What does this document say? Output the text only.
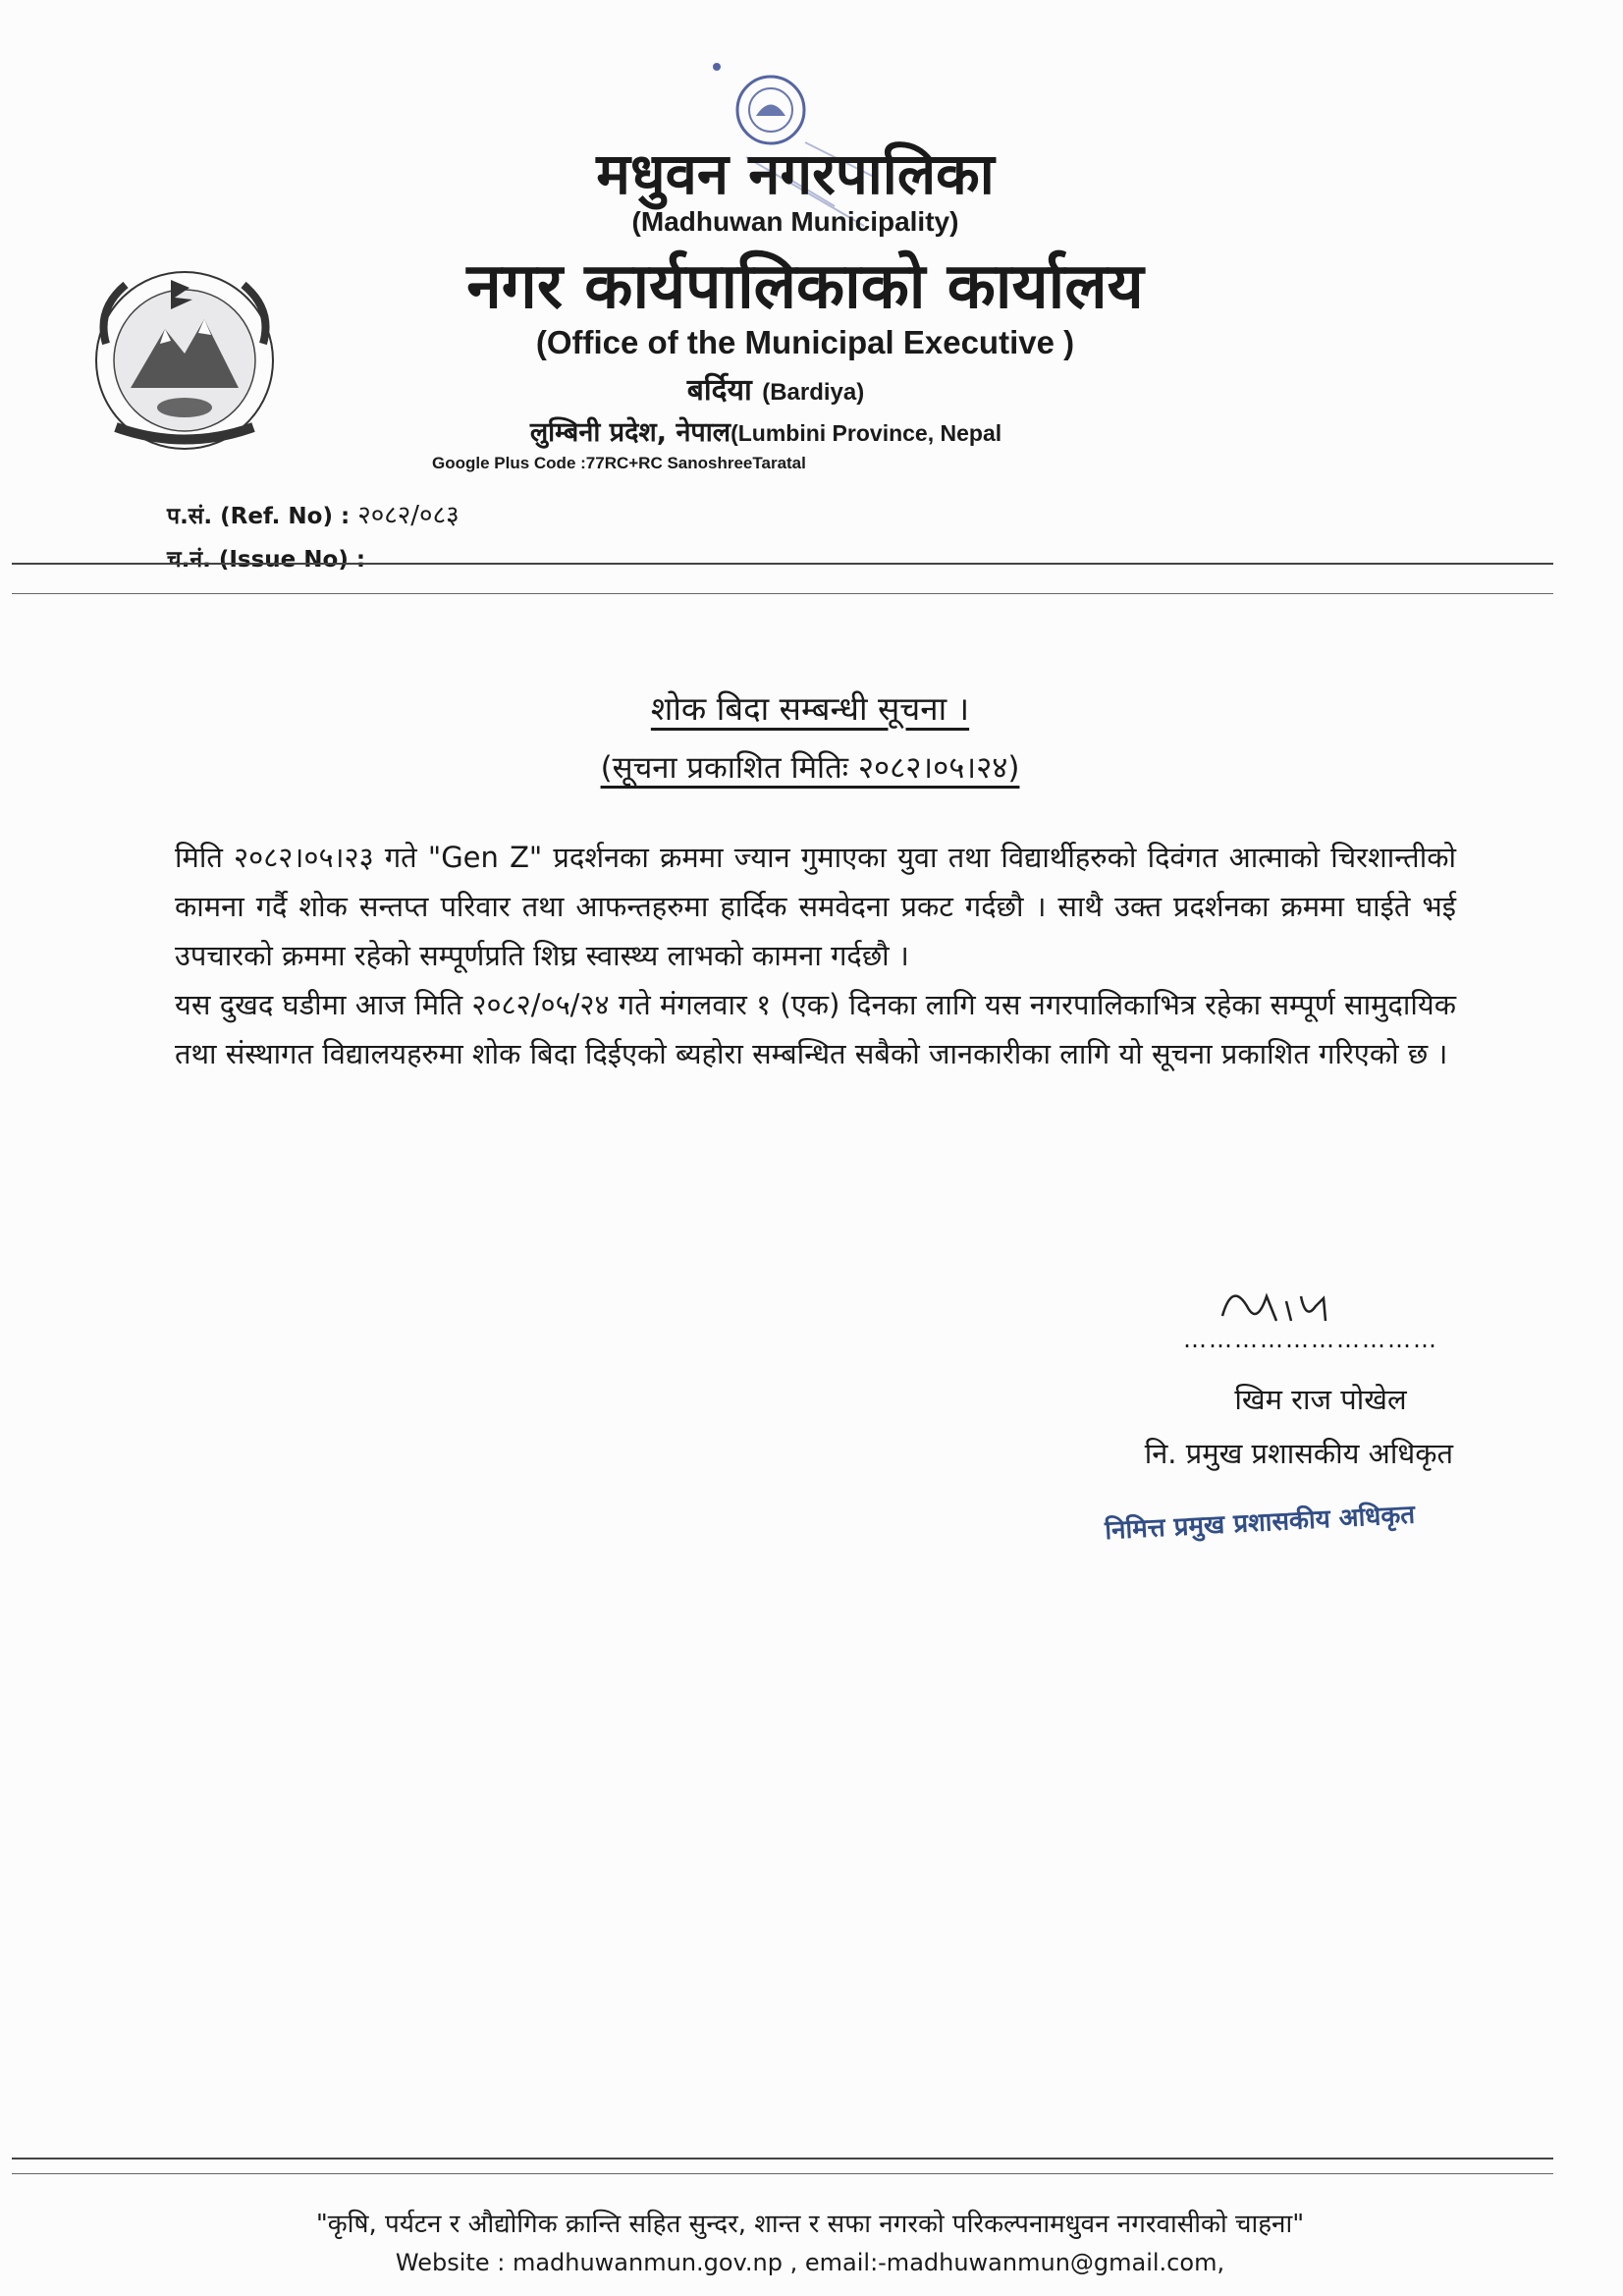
मधुवन नगरपालिका
(Madhuwan Municipality)
नगर कार्यपालिकाको कार्यालय
(Office of the Municipal Executive )
बर्दिया (Bardiya)
लुम्बिनी प्रदेश, नेपाल(Lumbini Province, Nepal
Google Plus Code :77RC+RC SanoshreeTaratal
प.सं. (Ref. No) : २०८२/०८३
च.नं. (Issue No) :
शोक बिदा सम्बन्धी सूचना ।
(सूचना प्रकाशित मितिः २०८२।०५।२४)

मिति २०८२।०५।२३ गते "Gen Z" प्रदर्शनका क्रममा ज्यान गुमाएका युवा तथा विद्यार्थीहरुको दिवंगत आत्माको चिरशान्तीको कामना गर्दै शोक सन्तप्त परिवार तथा आफन्तहरुमा हार्दिक समवेदना प्रकट गर्दछौ । साथै उक्त प्रदर्शनका क्रममा घाईते भई उपचारको क्रममा रहेको सम्पूर्णप्रति शिघ्र स्वास्थ्य लाभको कामना गर्दछौ ।

यस दुखद घडीमा आज मिति २०८२/०५/२४ गते मंगलवार १ (एक) दिनका लागि यस नगरपालिकाभित्र रहेका सम्पूर्ण सामुदायिक तथा संस्थागत विद्यालयहरुमा शोक बिदा दिईएको ब्यहोरा सम्बन्धित सबैको जानकारीका लागि यो सूचना प्रकाशित गरिएको छ ।

…………………………
खिम राज पोखेल
नि. प्रमुख प्रशासकीय अधिकृत
निमित्त प्रमुख प्रशासकीय अधिकृत
"कृषि, पर्यटन र औद्योगिक क्रान्ति सहित सुन्दर, शान्त र सफा नगरको परिकल्पनामधुवन नगरवासीको चाहना"
Website : madhuwanmun.gov.np , email:-madhuwanmun@gmail.com,
